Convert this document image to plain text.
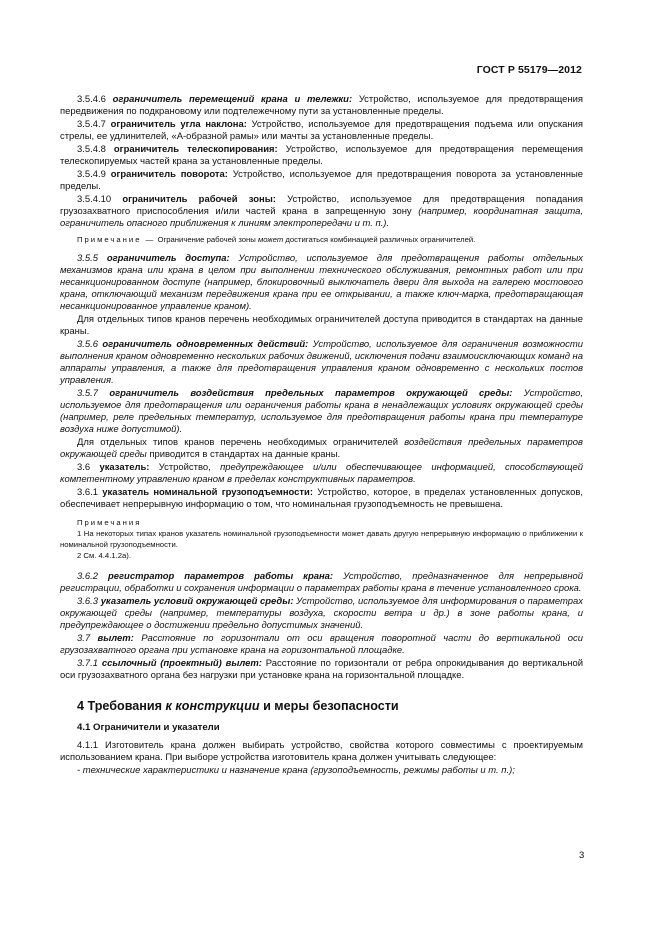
ГОСТ Р 55179—2012
3.5.4.6 ограничитель перемещений крана и тележки: Устройство, используемое для предотвращения передвижения по подкрановому или подтележечному пути за установленные пределы.
3.5.4.7 ограничитель угла наклона: Устройство, используемое для предотвращения подъема или опускания стрелы, ее удлинителей, «А-образной рамы» или мачты за установленные пределы.
3.5.4.8 ограничитель телескопирования: Устройство, используемое для предотвращения перемещения телескопируемых частей крана за установленные пределы.
3.5.4.9 ограничитель поворота: Устройство, используемое для предотвращения поворота за установленные пределы.
3.5.4.10 ограничитель рабочей зоны: Устройство, используемое для предотвращения попадания грузозахватного приспособления и/или частей крана в запрещенную зону (например, координатная защита, ограничитель опасного приближения к линиям электропередачи и т. п.).
Примечание — Ограничение рабочей зоны может достигаться комбинацией различных ограничителей.
3.5.5 ограничитель доступа: Устройство, используемое для предотвращения работы отдельных механизмов крана или крана в целом при выполнении технического обслуживания, ремонтных работ или при несанкционированном доступе (например, блокировочный выключатель двери для выхода на галерею мостового крана, отключающий механизм передвижения крана при ее открывании, а также ключ-марка, предотвращающая несанкционированное управление краном).
Для отдельных типов кранов перечень необходимых ограничителей доступа приводится в стандартах на данные краны.
3.5.6 ограничитель одновременных действий: Устройство, используемое для ограничения возможности выполнения краном одновременно нескольких рабочих движений, исключения подачи взаимоисключающих команд на аппараты управления, а также для предотвращения управления краном одновременно с нескольких постов управления.
3.5.7 ограничитель воздействия предельных параметров окружающей среды: Устройство, используемое для предотвращения или ограничения работы крана в ненадлежащих условиях окружающей среды (например, реле предельных температур, используемое для предотвращения работы крана при температуре воздуха ниже допустимой).
Для отдельных типов кранов перечень необходимых ограничителей воздействия предельных параметров окружающей среды приводится в стандартах на данные краны.
3.6 указатель: Устройство, предупреждающее и/или обеспечивающее информацией, способствующей компетентному управлению краном в пределах конструктивных параметров.
3.6.1 указатель номинальной грузоподъемности: Устройство, которое, в пределах установленных допусков, обеспечивает непрерывную информацию о том, что номинальная грузоподъемность не превышена.
Примечания
1 На некоторых типах кранов указатель номинальной грузоподъемности может давать другую непрерывную информацию о приближении к номинальной грузоподъемности.
2 См. 4.4.1.2а).
3.6.2 регистратор параметров работы крана: Устройство, предназначенное для непрерывной регистрации, обработки и сохранения информации о параметрах работы крана в течение установленного срока.
3.6.3 указатель условий окружающей среды: Устройство, используемое для информирования о параметрах окружающей среды (например, температуры воздуха, скорости ветра и др.) в зоне работы крана, и предупреждающее о достижении предельно допустимых значений.
3.7 вылет: Расстояние по горизонтали от оси вращения поворотной части до вертикальной оси грузозахватного органа при установке крана на горизонтальной площадке.
3.7.1 ссылочный (проектный) вылет: Расстояние по горизонтали от ребра опрокидывания до вертикальной оси грузозахватного органа без нагрузки при установке крана на горизонтальной площадке.
4 Требования к конструкции и меры безопасности
4.1 Ограничители и указатели
4.1.1 Изготовитель крана должен выбирать устройство, свойства которого совместимы с проектируемым использованием крана. При выборе устройства изготовитель крана должен учитывать следующее:
- технические характеристики и назначение крана (грузоподъемность, режимы работы и т. п.);
3
